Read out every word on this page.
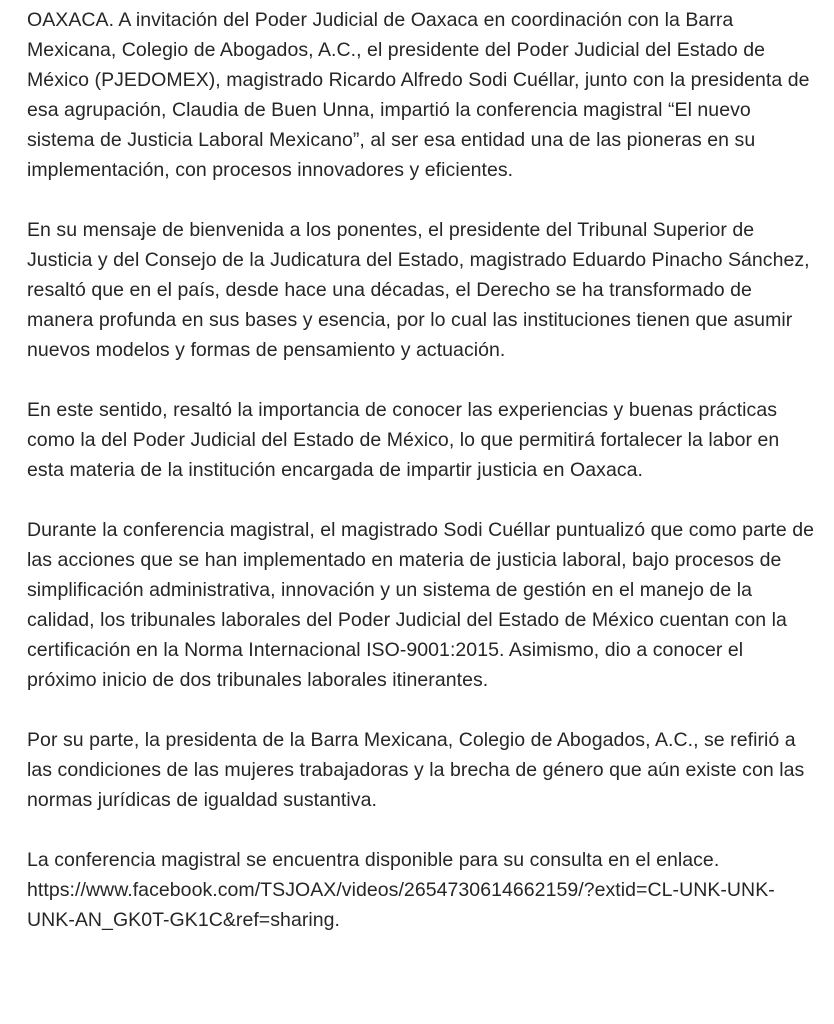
OAXACA. A invitación del Poder Judicial de Oaxaca en coordinación con la Barra Mexicana, Colegio de Abogados, A.C., el presidente del Poder Judicial del Estado de México (PJEDOMEX), magistrado Ricardo Alfredo Sodi Cuéllar, junto con la presidenta de esa agrupación, Claudia de Buen Unna, impartió la conferencia magistral “El nuevo sistema de Justicia Laboral Mexicano”, al ser esa entidad una de las pioneras en su implementación, con procesos innovadores y eficientes.

En su mensaje de bienvenida a los ponentes, el presidente del Tribunal Superior de Justicia y del Consejo de la Judicatura del Estado, magistrado Eduardo Pinacho Sánchez, resaltó que en el país, desde hace una décadas, el Derecho se ha transformado de manera profunda en sus bases y esencia, por lo cual las instituciones tienen que asumir nuevos modelos y formas de pensamiento y actuación.

En este sentido, resaltó la importancia de conocer las experiencias y buenas prácticas como la del Poder Judicial del Estado de México, lo que permitirá fortalecer la labor en esta materia de la institución encargada de impartir justicia en Oaxaca.

Durante la conferencia magistral, el magistrado Sodi Cuéllar puntualizó que como parte de las acciones que se han implementado en materia de justicia laboral, bajo procesos de simplificación administrativa, innovación y un sistema de gestión en el manejo de la calidad, los tribunales laborales del Poder Judicial del Estado de México cuentan con la certificación en la Norma Internacional ISO-9001:2015. Asimismo, dio a conocer el próximo inicio de dos tribunales laborales itinerantes.

Por su parte, la presidenta de la Barra Mexicana, Colegio de Abogados, A.C., se refirió a las condiciones de las mujeres trabajadoras y la brecha de género que aún existe con las normas jurídicas de igualdad sustantiva.

La conferencia magistral se encuentra disponible para su consulta en el enlace.
https://www.facebook.com/TSJOAX/videos/2654730614662159/?extid=CL-UNK-UNK-UNK-AN_GK0T-GK1C&ref=sharing.
